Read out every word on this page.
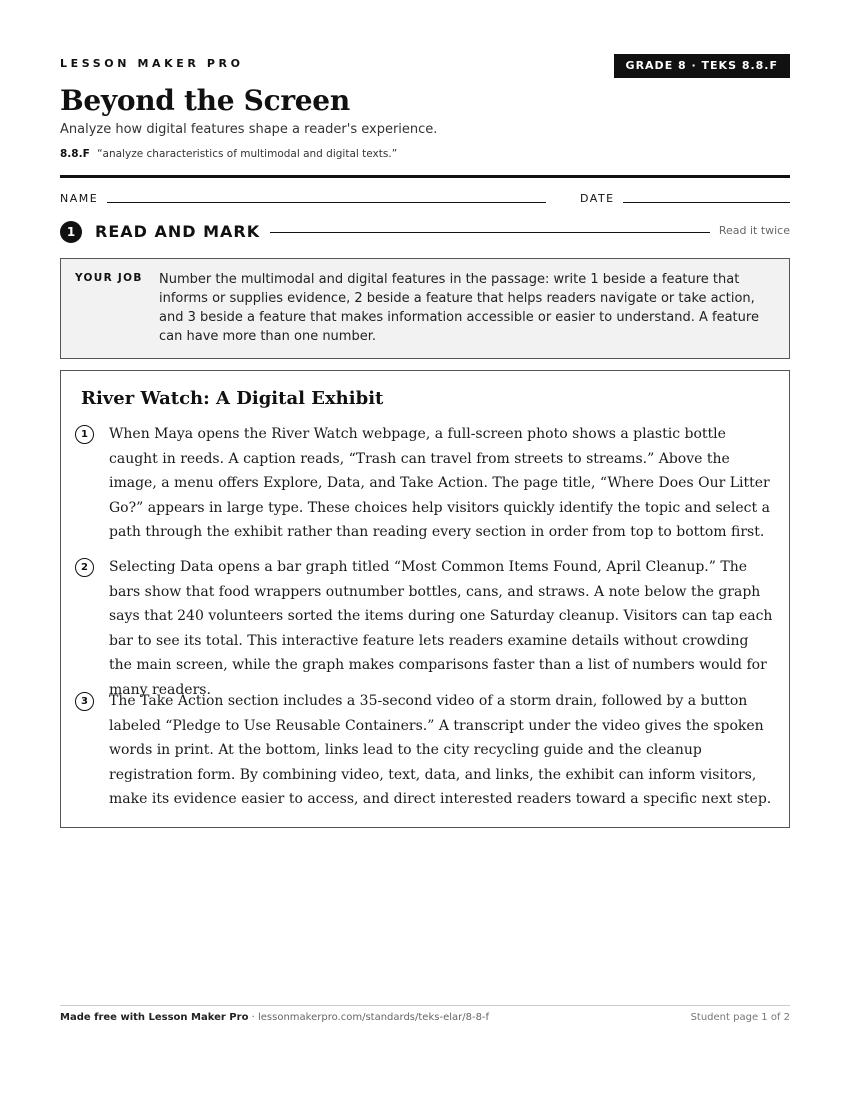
LESSON MAKER PRO	GRADE 8 · TEKS 8.8.F
Beyond the Screen
Analyze how digital features shape a reader's experience.
8.8.F “analyze characteristics of multimodal and digital texts.”
NAME	DATE
1	READ AND MARK	Read it twice
YOUR JOB Number the multimodal and digital features in the passage: write 1 beside a feature that informs or supplies evidence, 2 beside a feature that helps readers navigate or take action, and 3 beside a feature that makes information accessible or easier to understand. A feature can have more than one number.
River Watch: A Digital Exhibit
1	When Maya opens the River Watch webpage, a full-screen photo shows a plastic bottle caught in reeds. A caption reads, “Trash can travel from streets to streams.” Above the image, a menu offers Explore, Data, and Take Action. The page title, “Where Does Our Litter Go?” appears in large type. These choices help visitors quickly identify the topic and select a path through the exhibit rather than reading every section in order from top to bottom first.
2	Selecting Data opens a bar graph titled “Most Common Items Found, April Cleanup.” The bars show that food wrappers outnumber bottles, cans, and straws. A note below the graph says that 240 volunteers sorted the items during one Saturday cleanup. Visitors can tap each bar to see its total. This interactive feature lets readers examine details without crowding the main screen, while the graph makes comparisons faster than a list of numbers would for many readers.
3	The Take Action section includes a 35-second video of a storm drain, followed by a button labeled “Pledge to Use Reusable Containers.” A transcript under the video gives the spoken words in print. At the bottom, links lead to the city recycling guide and the cleanup registration form. By combining video, text, data, and links, the exhibit can inform visitors, make its evidence easier to access, and direct interested readers toward a specific next step.
Made free with Lesson Maker Pro · lessonmakerpro.com/standards/teks-elar/8-8-f	Student page 1 of 2
